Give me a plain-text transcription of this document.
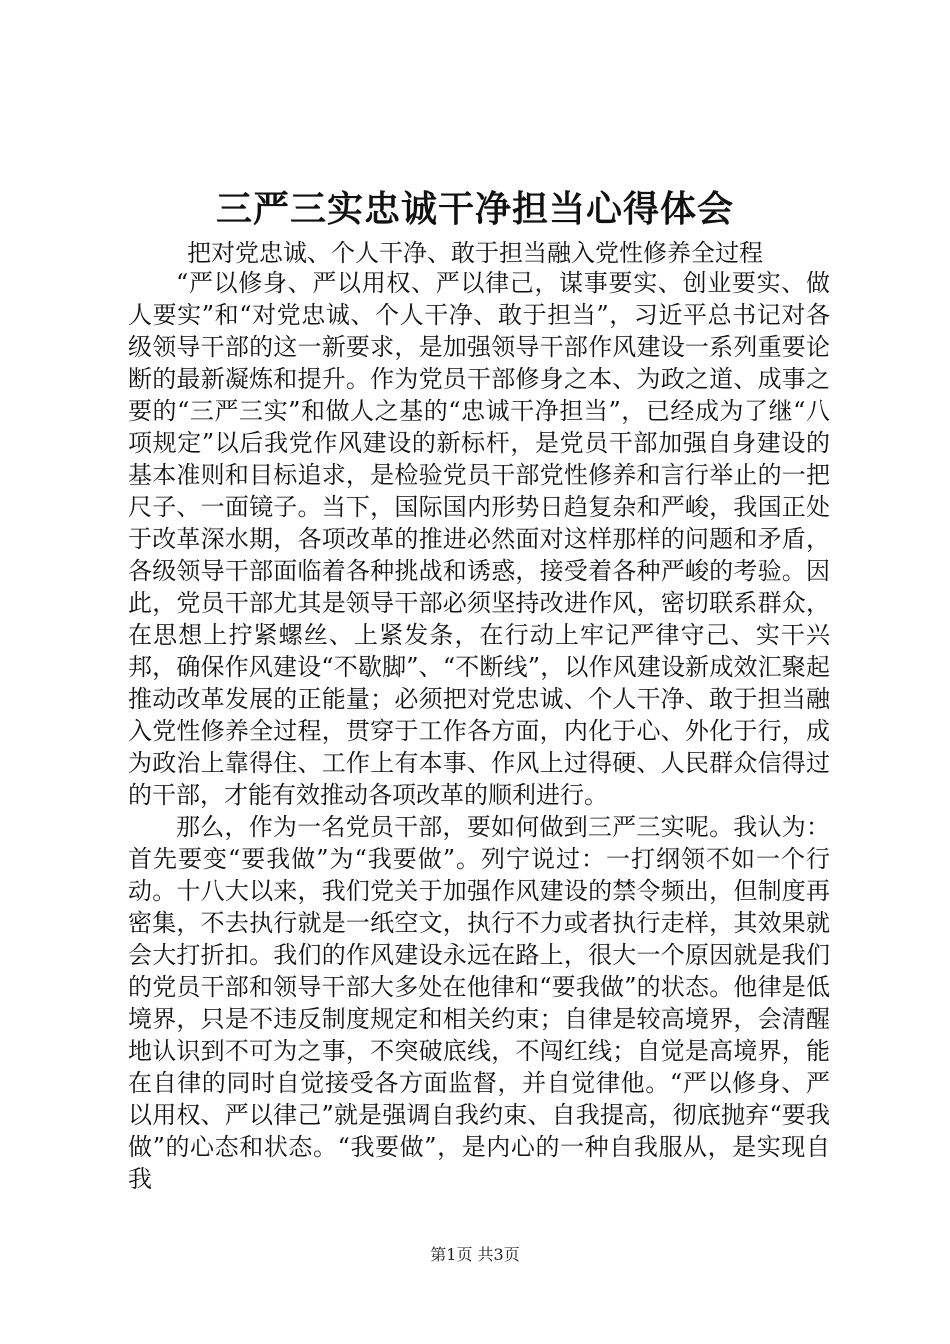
三严三实忠诚干净担当心得体会
把对党忠诚、个人干净、敢于担当融入党性修养全过程

“严以修身、严以用权、严以律己，谋事要实、创业要实、做人要实”和“对党忠诚、个人干净、敢于担当”，习近平总书记对各级领导干部的这一新要求，是加强领导干部作风建设一系列重要论断的最新凝炼和提升。作为党员干部修身之本、为政之道、成事之要的“三严三实”和做人之基的“忠诚干净担当”，已经成为了继“八项规定”以后我党作风建设的新标杆，是党员干部加强自身建设的基本准则和目标追求，是检验党员干部党性修养和言行举止的一把尺子、一面镜子。当下，国际国内形势日趋复杂和严峻，我国正处于改革深水期，各项改革的推进必然面对这样那样的问题和矛盾，各级领导干部面临着各种挑战和诱惑，接受着各种严峻的考验。因此，党员干部尤其是领导干部必须坚持改进作风，密切联系群众，在思想上拧紧螺丝、上紧发条，在行动上牢记严律守己、实干兴邦，确保作风建设“不歇脚”、“不断线”，以作风建设新成效汇聚起推动改革发展的正能量；必须把对党忠诚、个人干净、敢于担当融入党性修养全过程，贯穿于工作各方面，内化于心、外化于行，成为政治上靠得住、工作上有本事、作风上过得硬、人民群众信得过的干部，才能有效推动各项改革的顺利进行。

那么，作为一名党员干部，要如何做到三严三实呢。我认为：首先要变“要我做”为“我要做”。列宁说过：一打纲领不如一个行动。十八大以来，我们党关于加强作风建设的禁令频出，但制度再密集，不去执行就是一纸空文，执行不力或者执行走样，其效果就会大打折扣。我们的作风建设永远在路上，很大一个原因就是我们的党员干部和领导干部大多处在他律和“要我做”的状态。他律是低境界，只是不违反制度规定和相关约束；自律是较高境界，会清醒地认识到不可为之事，不突破底线，不闯红线；自觉是高境界，能在自律的同时自觉接受各方面监督，并自觉律他。“严以修身、严以用权、严以律己”就是强调自我约束、自我提高，彻底抛弃“要我做”的心态和状态。“我要做”，是内心的一种自我服从，是实现自我

第1页 共3页
